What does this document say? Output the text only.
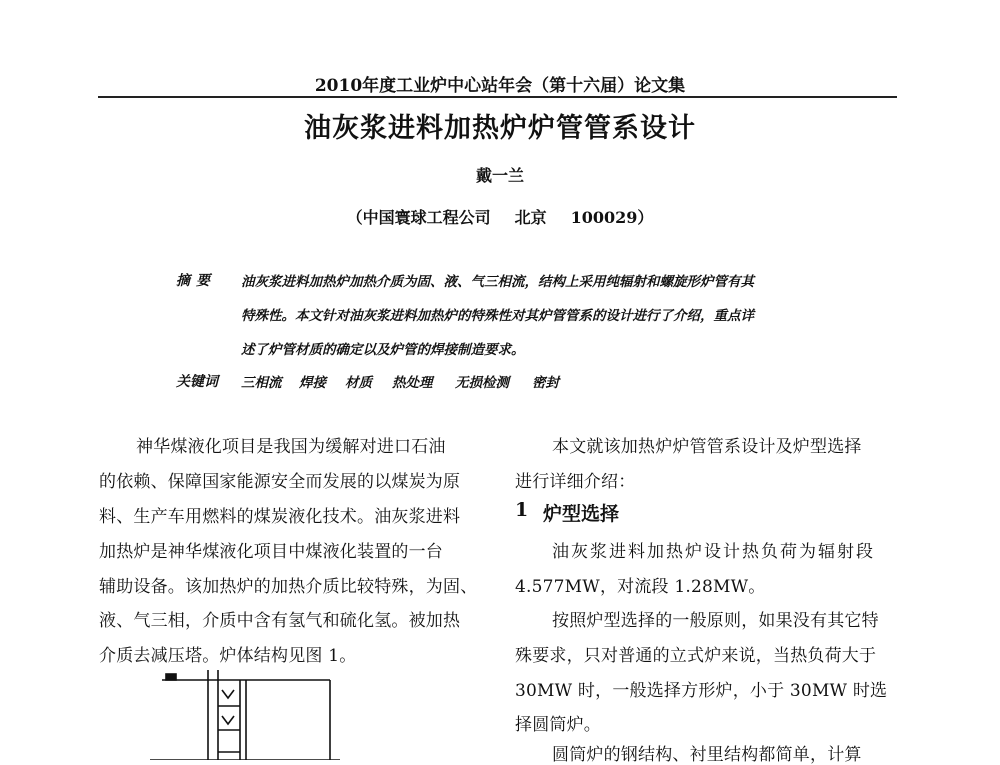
2010年度工业炉中心站年会（第十六届）论文集
油灰浆进料加热炉炉管管系设计
戴一兰
（中国寰球工程公司 北京 100029）
摘要 油灰浆进料加热炉加热介质为固、液、气三相流，结构上采用纯辐射和螺旋形炉管有其
特殊性。本文针对油灰浆进料加热炉的特殊性对其炉管管系的设计进行了介绍，重点详
述了炉管材质的确定以及炉管的焊接制造要求。
关键词 三相流 焊接 材质 热处理 无损检测 密封
神华煤液化项目是我国为缓解对进口石油
的依赖、保障国家能源安全而发展的以煤炭为原
料、生产车用燃料的煤炭液化技术。油灰浆进料
加热炉是神华煤液化项目中煤液化装置的一台
辅助设备。该加热炉的加热介质比较特殊，为固、
液、气三相，介质中含有氢气和硫化氢。被加热
介质去减压塔。炉体结构见图 1。
本文就该加热炉炉管管系设计及炉型选择
进行详细介绍：
1 炉型选择
油灰浆进料加热炉设计热负荷为辐射段
4.577MW，对流段 1.28MW。
按照炉型选择的一般原则，如果没有其它特
殊要求，只对普通的立式炉来说，当热负荷大于
30MW 时，一般选择方形炉，小于 30MW 时选
择圆筒炉。
圆筒炉的钢结构、衬里结构都简单，计算
